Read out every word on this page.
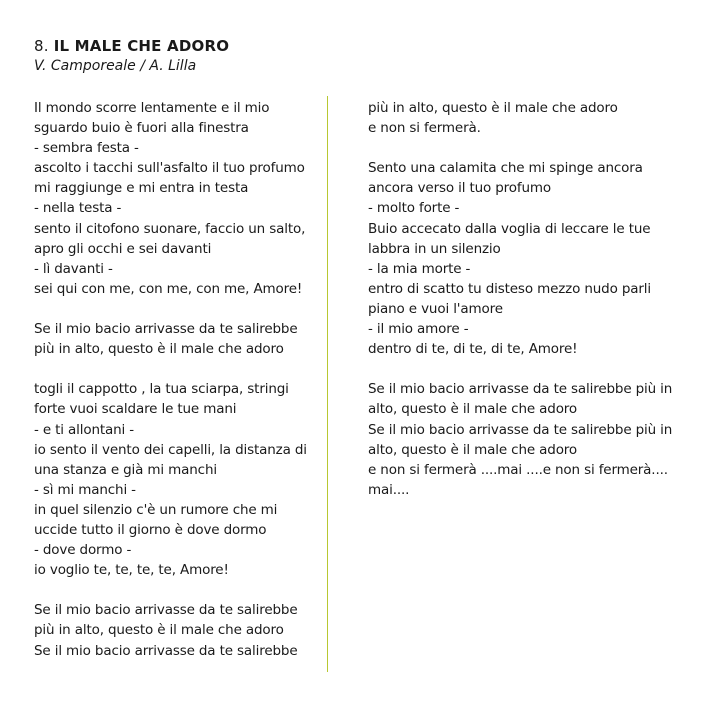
8. IL MALE CHE ADORO
V. Camporeale / A. Lilla
Il mondo scorre lentamente e il mio
sguardo buio è fuori alla finestra
- sembra festa -
ascolto i tacchi sull'asfalto il tuo profumo
mi raggiunge e mi entra in testa
- nella testa -
sento il citofono suonare, faccio un salto,
apro gli occhi e sei davanti
- lì davanti -
sei qui con me, con me, con me, Amore!
Se il mio bacio arrivasse da te salirebbe
più in alto, questo è il male che adoro
togli il cappotto , la tua sciarpa, stringi
forte vuoi scaldare le tue mani
- e ti allontani -
io sento il vento dei capelli, la distanza di
una stanza e già mi manchi
- sì mi manchi -
in quel silenzio c'è un rumore che mi
uccide tutto il giorno è dove dormo
- dove dormo -
io voglio te, te, te, te, Amore!
Se il mio bacio arrivasse da te salirebbe
più in alto, questo è il male che adoro
Se il mio bacio arrivasse da te salirebbe
più in alto, questo è il male che adoro
e non si fermerà.
Sento una calamita che mi spinge ancora
ancora verso il tuo profumo
- molto forte -
Buio accecato dalla voglia di leccare le tue
labbra in un silenzio
- la mia morte -
entro di scatto tu disteso mezzo nudo parli
piano e vuoi l'amore
- il mio amore -
dentro di te, di te, di te, Amore!
Se il mio bacio arrivasse da te salirebbe più in
alto, questo è il male che adoro
Se il mio bacio arrivasse da te salirebbe più in
alto, questo è il male che adoro
e non si fermerà ....mai ....e non si fermerà....
mai....
